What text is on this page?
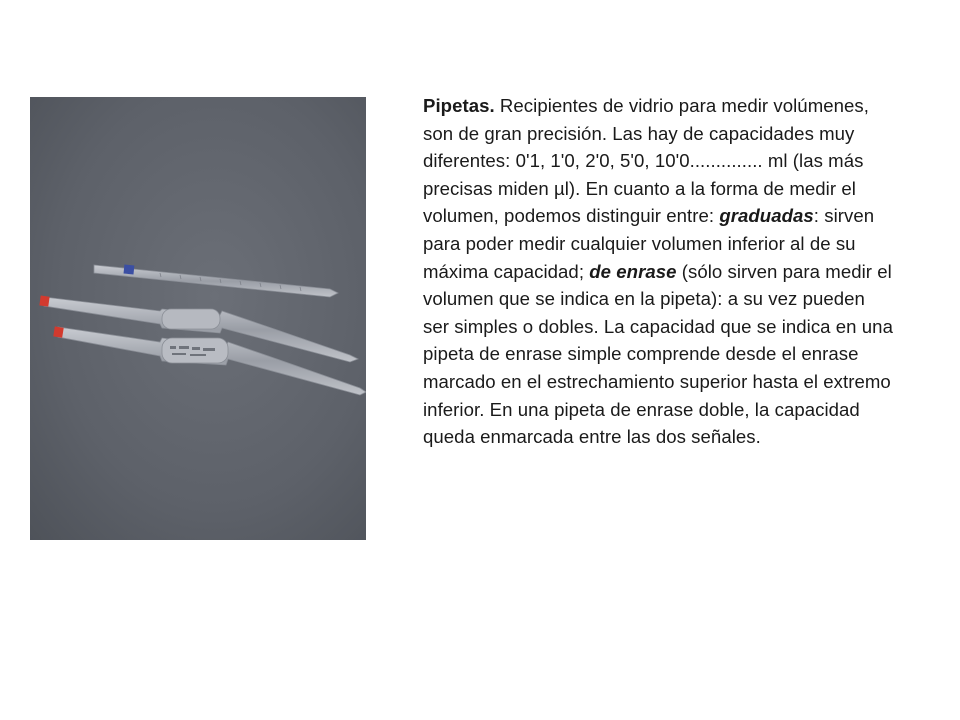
Pipetas. Recipientes de vidrio para medir volúmenes, son de gran precisión. Las hay de capacidades muy diferentes: 0'1, 1'0, 2'0, 5'0, 10'0.............. ml (las más precisas miden µl). En cuanto a la forma de medir el volumen, podemos distinguir entre: graduadas: sirven para poder medir cualquier volumen inferior al de su máxima capacidad; de enrase (sólo sirven para medir el volumen que se indica en la pipeta): a su vez pueden ser simples o dobles. La capacidad que se indica en una pipeta de enrase simple comprende desde el enrase marcado en el estrechamiento superior hasta el extremo inferior. En una pipeta de enrase doble, la capacidad queda enmarcada entre las dos señales.
